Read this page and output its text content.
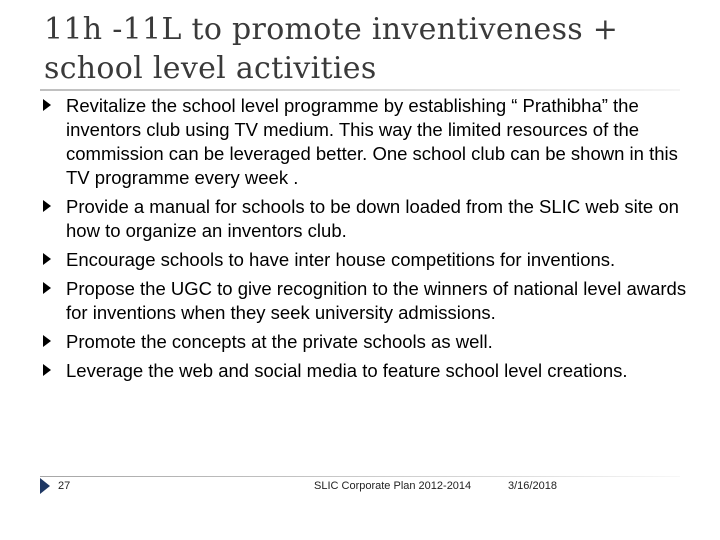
11h -11L to promote inventiveness + school level activities
Revitalize the school level programme by establishing “ Prathibha” the inventors club using TV medium. This way the limited resources of the commission can be leveraged better. One school club can be shown in this TV programme every week .
Provide a manual for schools to be down loaded from the SLIC web site on how to organize an inventors club.
Encourage schools to have inter house competitions for inventions.
Propose the UGC to give recognition to the winners of national level awards for inventions when they seek university admissions.
Promote the concepts at the private schools as well.
Leverage the web and social media to feature school level creations.
27	SLIC Corporate Plan 2012-2014	3/16/2018
